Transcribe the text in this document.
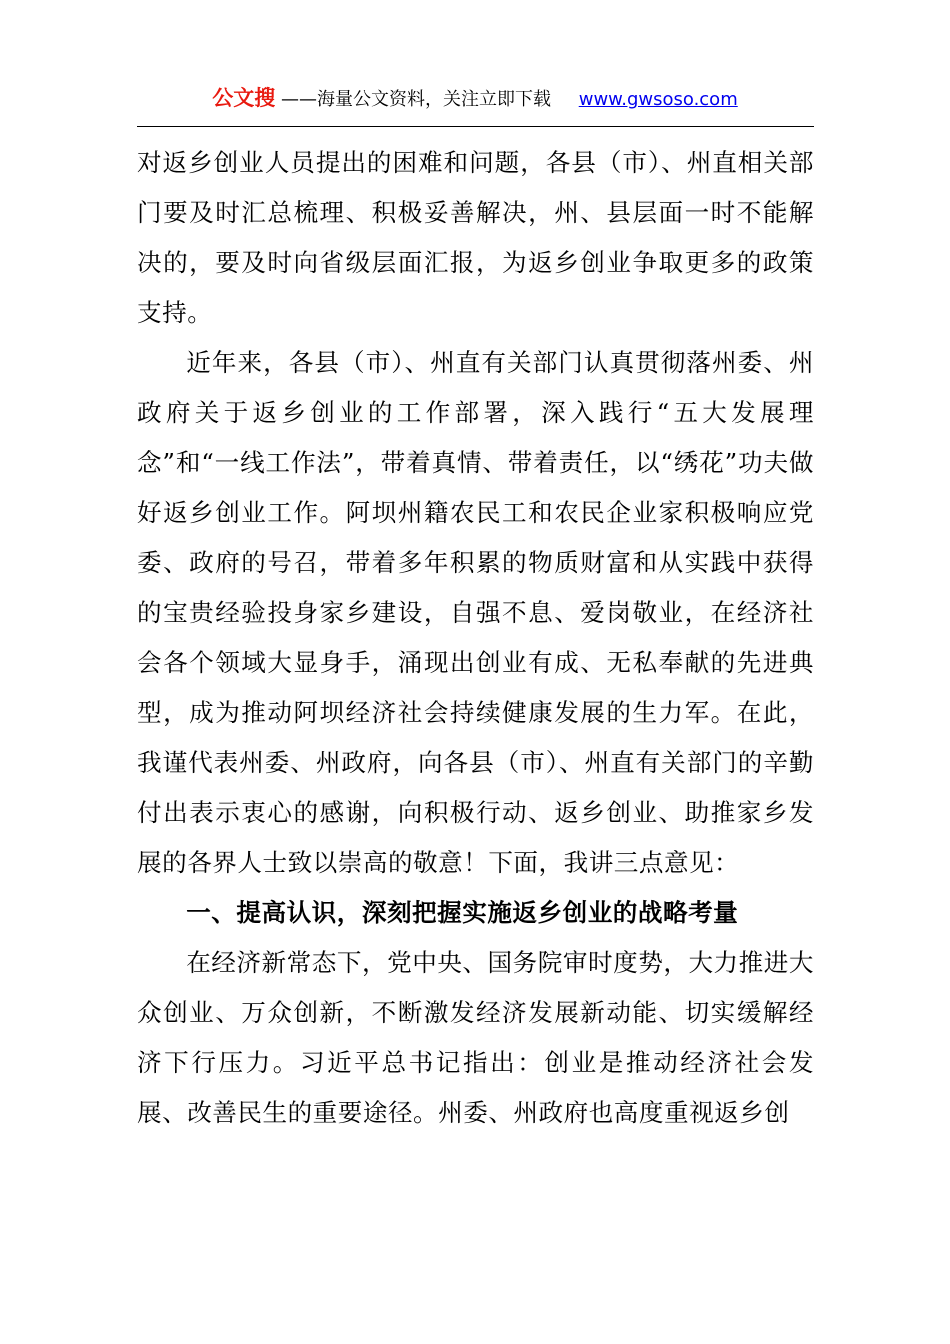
公文搜 ——海量公文资料，关注立即下载 www.gwsoso.com

对返乡创业人员提出的困难和问题，各县（市）、州直相关部门要及时汇总梳理、积极妥善解决，州、县层面一时不能解决的，要及时向省级层面汇报，为返乡创业争取更多的政策支持。

近年来，各县（市）、州直有关部门认真贯彻落州委、州政府关于返乡创业的工作部署，深入践行“五大发展理念”和“一线工作法”，带着真情、带着责任，以“绣花”功夫做好返乡创业工作。阿坝州籍农民工和农民企业家积极响应党委、政府的号召，带着多年积累的物质财富和从实践中获得的宝贵经验投身家乡建设，自强不息、爱岗敬业，在经济社会各个领域大显身手，涌现出创业有成、无私奉献的先进典型，成为推动阿坝经济社会持续健康发展的生力军。在此，我谨代表州委、州政府，向各县（市）、州直有关部门的辛勤付出表示衷心的感谢，向积极行动、返乡创业、助推家乡发展的各界人士致以崇高的敬意！下面，我讲三点意见：

一、提高认识，深刻把握实施返乡创业的战略考量

在经济新常态下，党中央、国务院审时度势，大力推进大众创业、万众创新，不断激发经济发展新动能、切实缓解经济下行压力。习近平总书记指出：创业是推动经济社会发展、改善民生的重要途径。州委、州政府也高度重视返乡创
